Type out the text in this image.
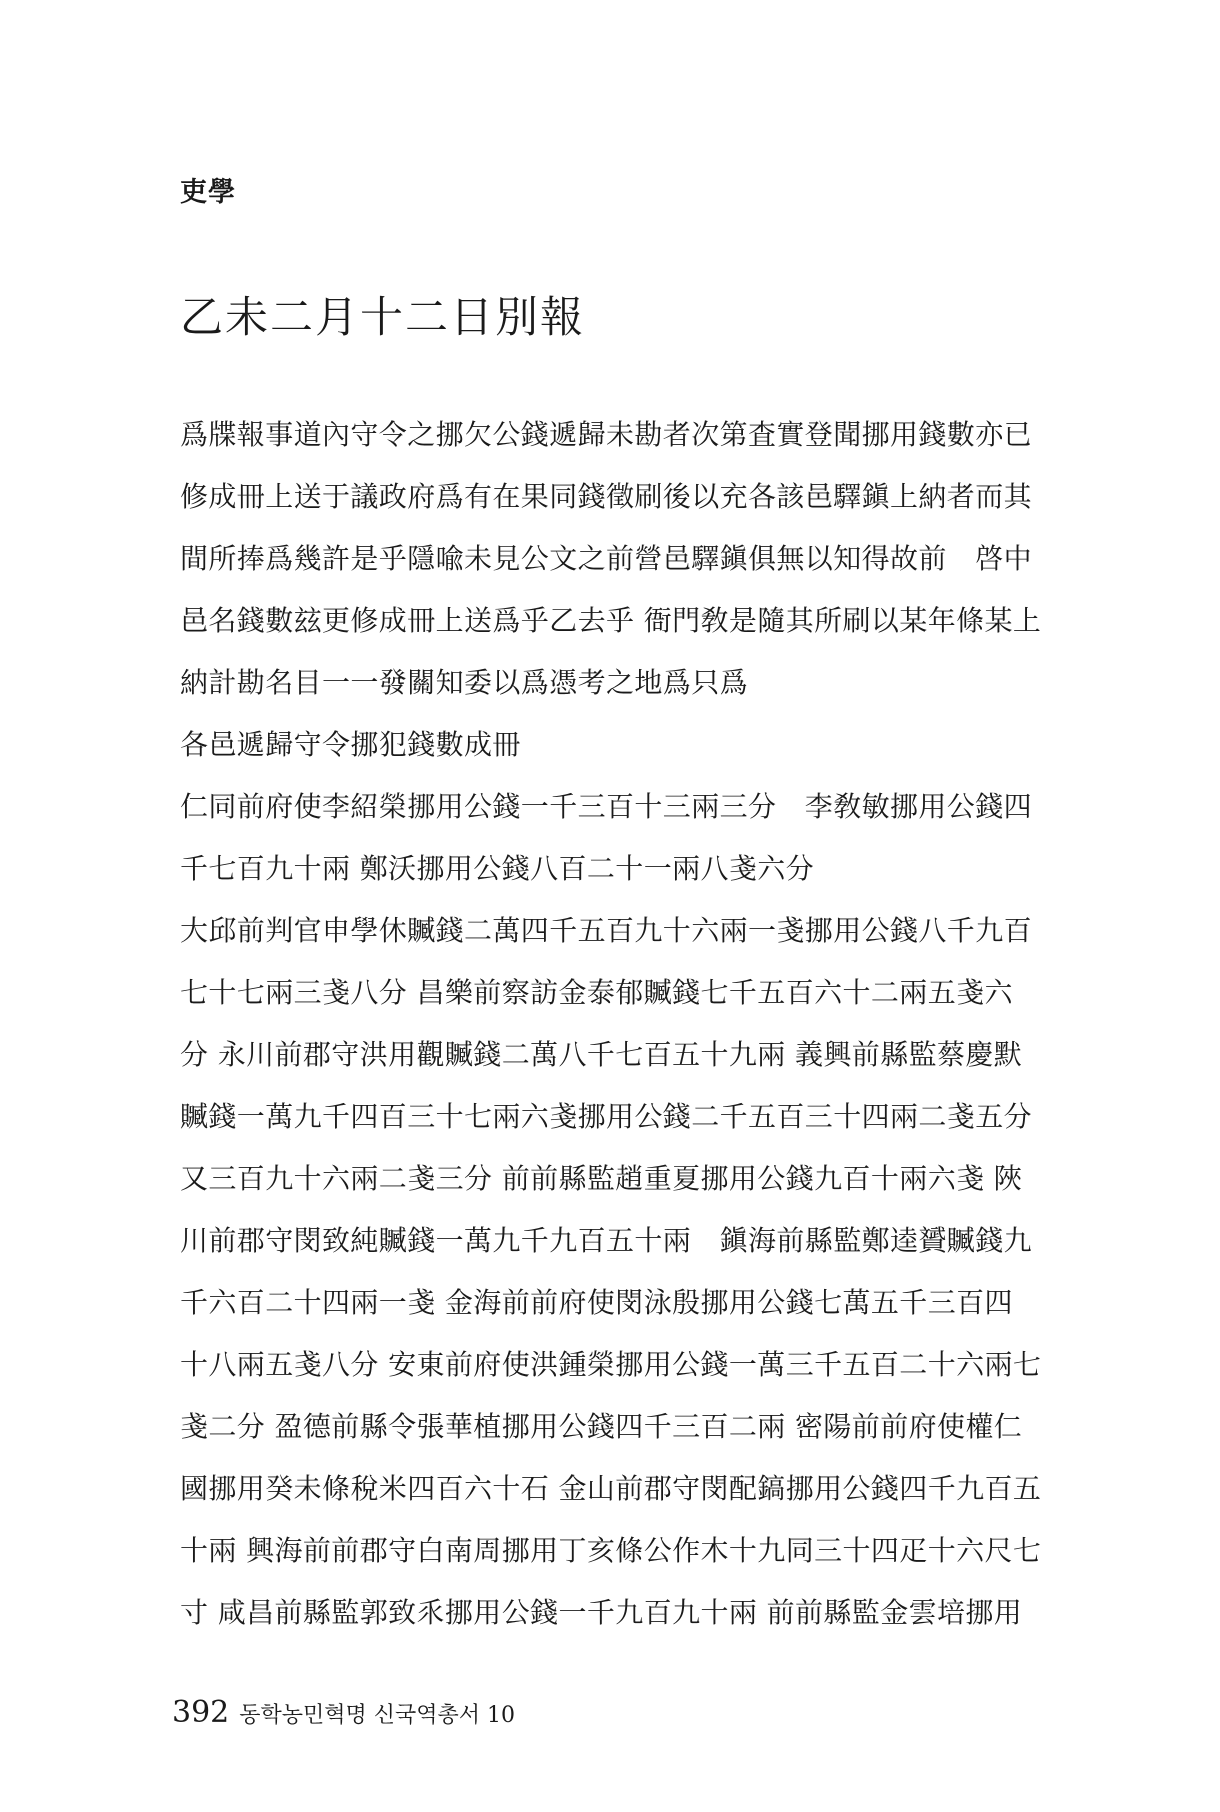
吏學
乙未二月十二日別報
爲牒報事道內守令之挪欠公錢遞歸未勘者次第査實登聞挪用錢數亦已
修成冊上送于議政府爲有在果同錢徵刷後以充各該邑驛鎭上納者而其
間所捧爲幾許是乎隱喩未見公文之前營邑驛鎭俱無以知得故前　啓中
邑名錢數玆更修成冊上送爲乎乙去乎 衙門敎是隨其所刷以某年條某上
納計勘名目一一發關知委以爲憑考之地爲只爲
各邑遞歸守令挪犯錢數成冊
仁同前府使李紹榮挪用公錢一千三百十三兩三分　李敎敏挪用公錢四
千七百九十兩 鄭沃挪用公錢八百二十一兩八戔六分
大邱前判官申學休贓錢二萬四千五百九十六兩一戔挪用公錢八千九百
七十七兩三戔八分 昌樂前察訪金泰郁贓錢七千五百六十二兩五戔六
分 永川前郡守洪用觀贓錢二萬八千七百五十九兩 義興前縣監蔡慶默
贓錢一萬九千四百三十七兩六戔挪用公錢二千五百三十四兩二戔五分
又三百九十六兩二戔三分 前前縣監趙重夏挪用公錢九百十兩六戔 陜
川前郡守閔致純贓錢一萬九千九百五十兩　鎭海前縣監鄭逵贇贓錢九
千六百二十四兩一戔 金海前前府使閔泳殷挪用公錢七萬五千三百四
十八兩五戔八分 安東前府使洪鍾榮挪用公錢一萬三千五百二十六兩七
戔二分 盈德前縣令張華植挪用公錢四千三百二兩 密陽前前府使權仁
國挪用癸未條稅米四百六十石 金山前郡守閔配鎬挪用公錢四千九百五
十兩 興海前前郡守白南周挪用丁亥條公作木十九同三十四疋十六尺七
寸 咸昌前縣監郭致乑挪用公錢一千九百九十兩 前前縣監金雲培挪用
392 동학농민혁명 신국역총서 10
